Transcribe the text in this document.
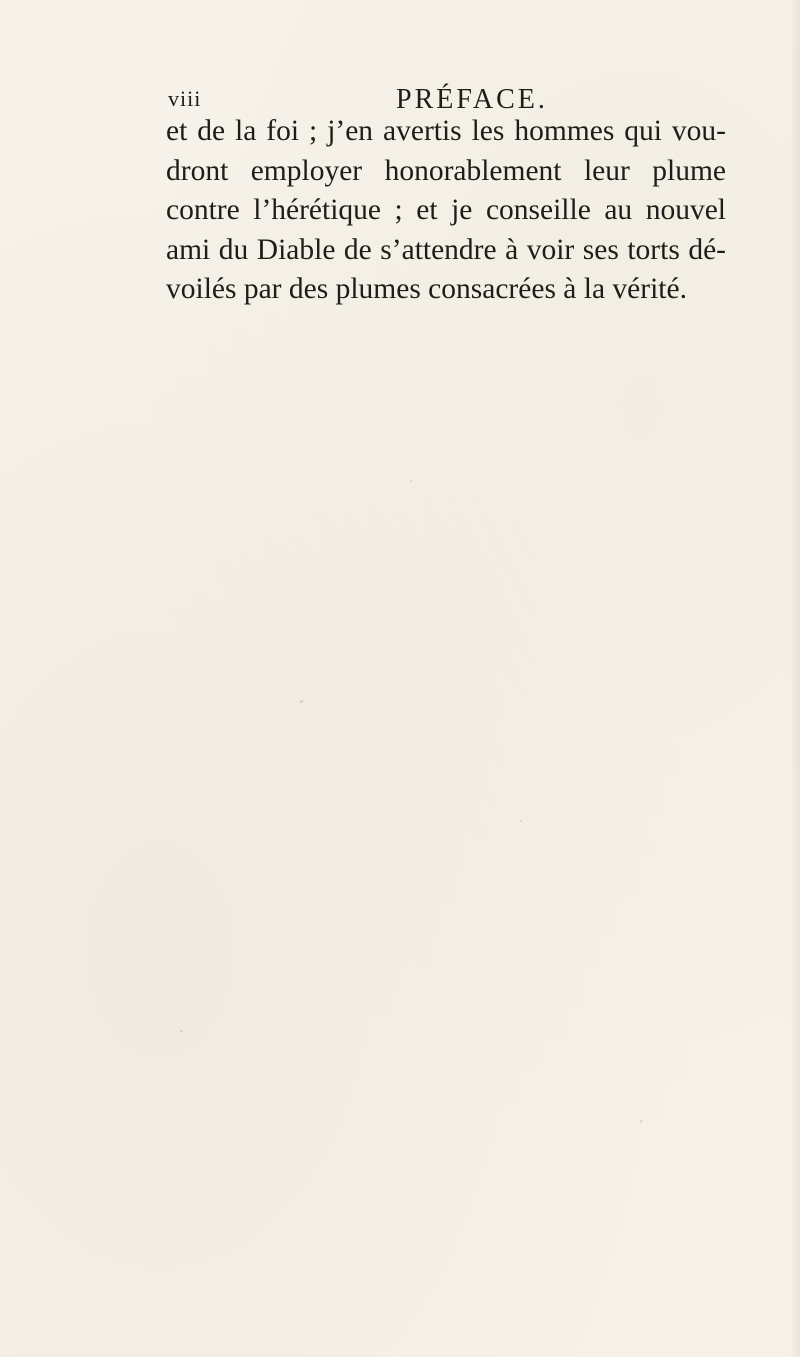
viii	PRÉFACE.
et de la foi ; j’en avertis les hommes qui vou-
dront employer honorablement leur plume
contre l’hérétique ; et je conseille au nouvel
ami du Diable de s’attendre à voir ses torts dé-
voilés par des plumes consacrées à la vérité.
